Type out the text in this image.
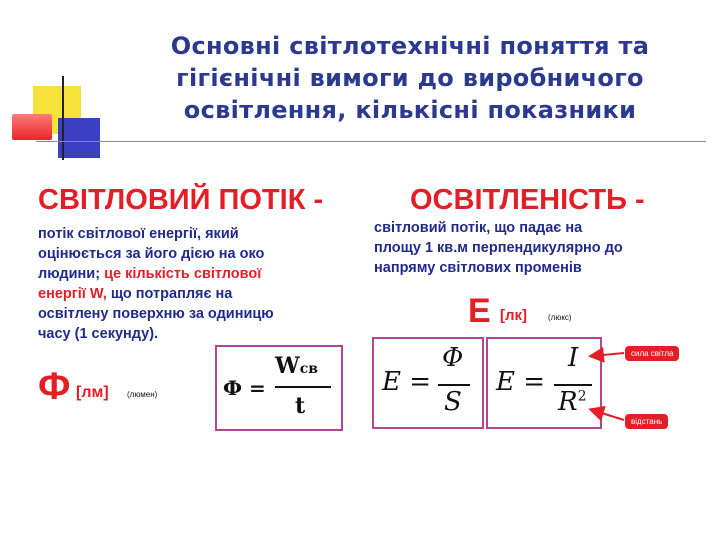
Основні світлотехнічні поняття та
гігієнічні вимоги до виробничого
освітлення, кількісні показники
СВІТЛОВИЙ ПОТІК -
потік світлової енергії, який
оцінюється за його дією на око
людини; це кількість світлової
енергії W, що потрапляє на
освітлену поверхню за одиницю
часу (1 секунду).
Ф [лм] (люмен)	Ф =
Wсв
t
ОСВІТЛЕНІСТЬ -
світловий потік, що падає на
площу 1 кв.м перпендикулярно до
напряму світлових променів
E [лк]	(люкс)
E =
Φ
S
E =
I
$R^2$
сила світла
відстань
